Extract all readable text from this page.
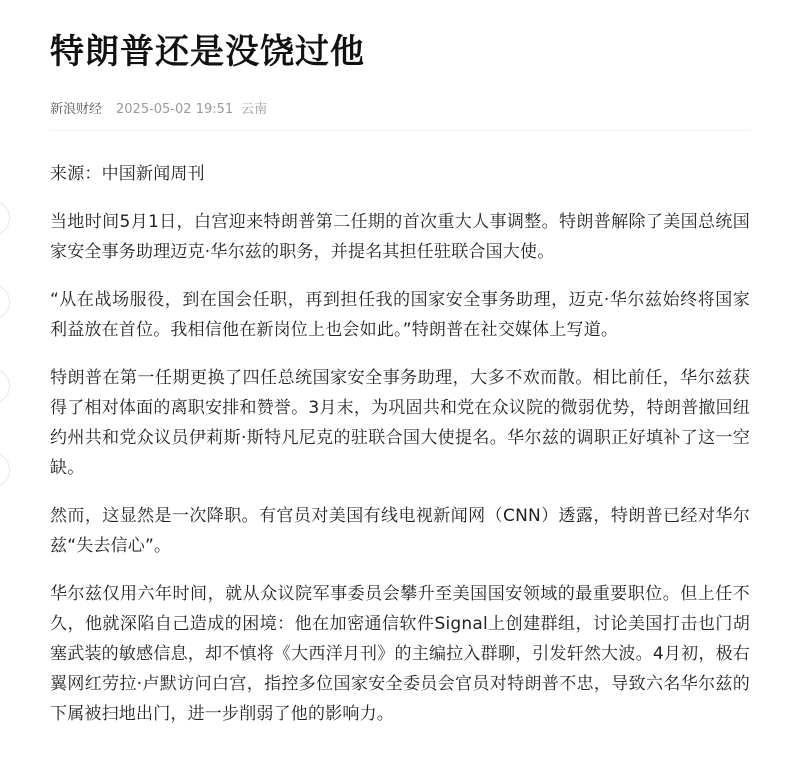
特朗普还是没饶过他
新浪财经 2025-05-02 19:51 云南

来源：中国新闻周刊

当地时间5月1日，白宫迎来特朗普第二任期的首次重大人事调整。特朗普解除了美国总统国家安全事务助理迈克·华尔兹的职务，并提名其担任驻联合国大使。

“从在战场服役，到在国会任职，再到担任我的国家安全事务助理，迈克·华尔兹始终将国家利益放在首位。我相信他在新岗位上也会如此。”特朗普在社交媒体上写道。

特朗普在第一任期更换了四任总统国家安全事务助理，大多不欢而散。相比前任，华尔兹获得了相对体面的离职安排和赞誉。3月末，为巩固共和党在众议院的微弱优势，特朗普撤回纽约州共和党众议员伊莉斯·斯特凡尼克的驻联合国大使提名。华尔兹的调职正好填补了这一空缺。

然而，这显然是一次降职。有官员对美国有线电视新闻网（CNN）透露，特朗普已经对华尔兹“失去信心”。

华尔兹仅用六年时间，就从众议院军事委员会攀升至美国国安领域的最重要职位。但上任不久，他就深陷自己造成的困境：他在加密通信软件Signal上创建群组，讨论美国打击也门胡塞武装的敏感信息，却不慎将《大西洋月刊》的主编拉入群聊，引发轩然大波。4月初，极右翼网红劳拉·卢默访问白宫，指控多位国家安全委员会官员对特朗普不忠，导致六名华尔兹的下属被扫地出门，进一步削弱了他的影响力。
